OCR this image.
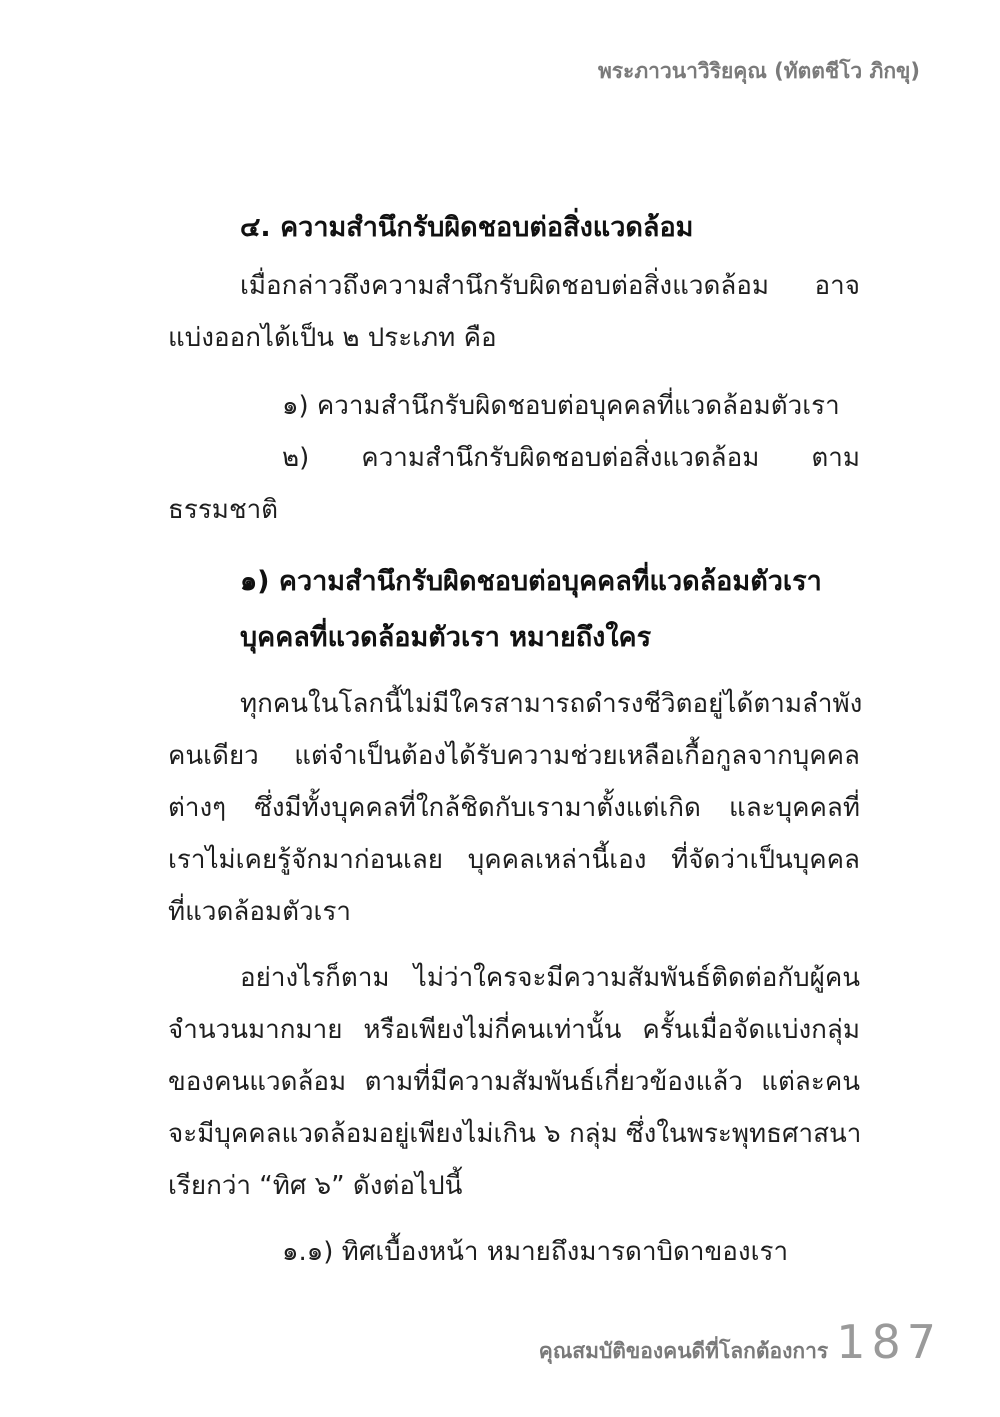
พระภาวนาวิริยคุณ (ทัตตชีโว ภิกขุ)
๔. ความสำนึกรับผิดชอบต่อสิ่งแวดล้อม
เมื่อกล่าวถึงความสำนึกรับผิดชอบต่อสิ่งแวดล้อม อาจ
แบ่งออกได้เป็น ๒ ประเภท คือ
๑) ความสำนึกรับผิดชอบต่อบุคคลที่แวดล้อมตัวเรา
๒) ความสำนึกรับผิดชอบต่อสิ่งแวดล้อม ตาม
ธรรมชาติ
๑) ความสำนึกรับผิดชอบต่อบุคคลที่แวดล้อมตัวเรา
บุคคลที่แวดล้อมตัวเรา หมายถึงใคร
ทุกคนในโลกนี้ไม่มีใครสามารถดำรงชีวิตอยู่ได้ตามลำพัง
คนเดียว แต่จำเป็นต้องได้รับความช่วยเหลือเกื้อกูลจากบุคคล
ต่างๆ ซึ่งมีทั้งบุคคลที่ใกล้ชิดกับเรามาตั้งแต่เกิด และบุคคลที่
เราไม่เคยรู้จักมาก่อนเลย บุคคลเหล่านี้เอง ที่จัดว่าเป็นบุคคล
ที่แวดล้อมตัวเรา
อย่างไรก็ตาม ไม่ว่าใครจะมีความสัมพันธ์ติดต่อกับผู้คน
จำนวนมากมาย หรือเพียงไม่กี่คนเท่านั้น ครั้นเมื่อจัดแบ่งกลุ่ม
ของคนแวดล้อม ตามที่มีความสัมพันธ์เกี่ยวข้องแล้ว แต่ละคน
จะมีบุคคลแวดล้อมอยู่เพียงไม่เกิน ๖ กลุ่ม ซึ่งในพระพุทธศาสนา
เรียกว่า “ทิศ ๖” ดังต่อไปนี้
๑.๑) ทิศเบื้องหน้า หมายถึงมารดาบิดาของเรา
คุณสมบัติของคนดีที่โลกต้องการ 187
